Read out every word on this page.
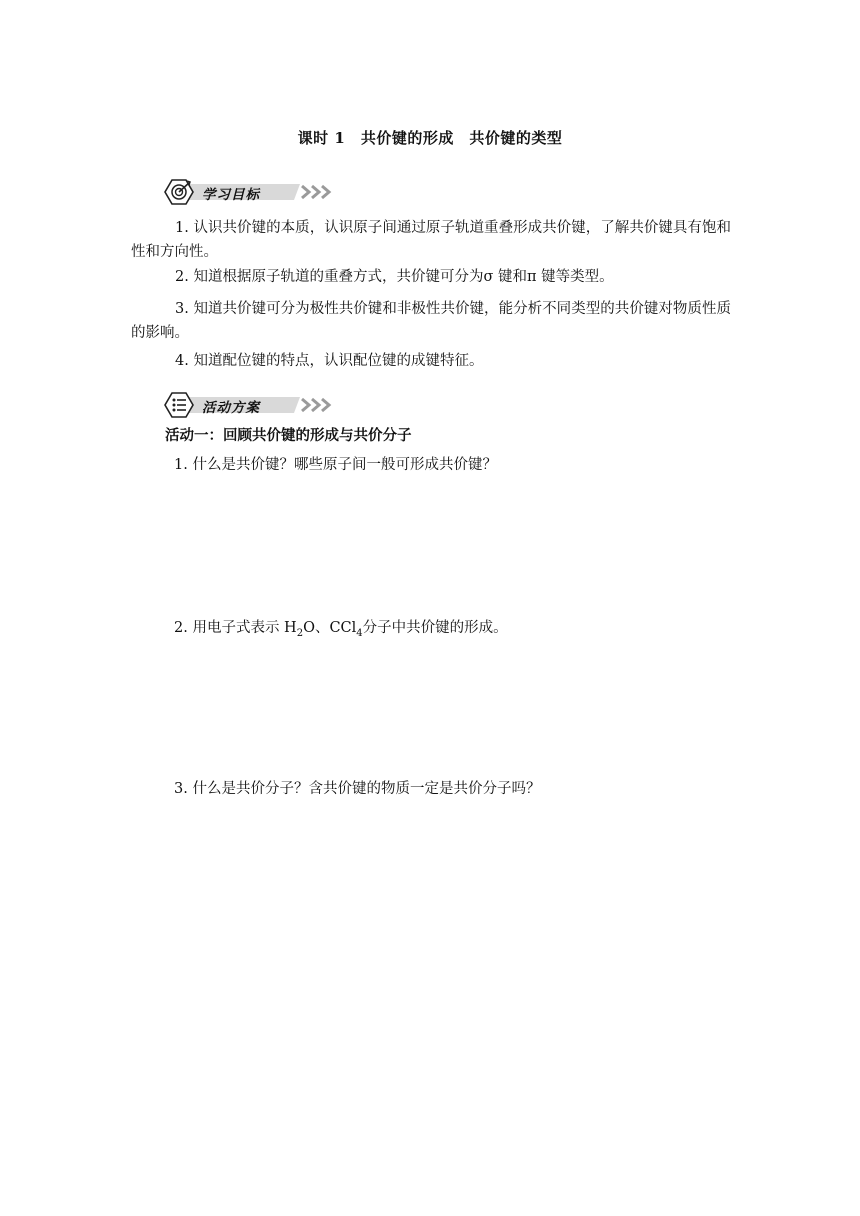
课时 1　共价键的形成　共价键的类型
学习目标
1. 认识共价键的本质，认识原子间通过原子轨道重叠形成共价键，了解共价键具有饱和性和方向性。
2. 知道根据原子轨道的重叠方式，共价键可分为σ 键和π 键等类型。
3. 知道共价键可分为极性共价键和非极性共价键，能分析不同类型的共价键对物质性质的影响。
4. 知道配位键的特点，认识配位键的成键特征。
活动方案
活动一：回顾共价键的形成与共价分子
1. 什么是共价键？哪些原子间一般可形成共价键？
2. 用电子式表示 $H_2O$、CCl$_4$分子中共价键的形成。
3. 什么是共价分子？含共价键的物质一定是共价分子吗？
